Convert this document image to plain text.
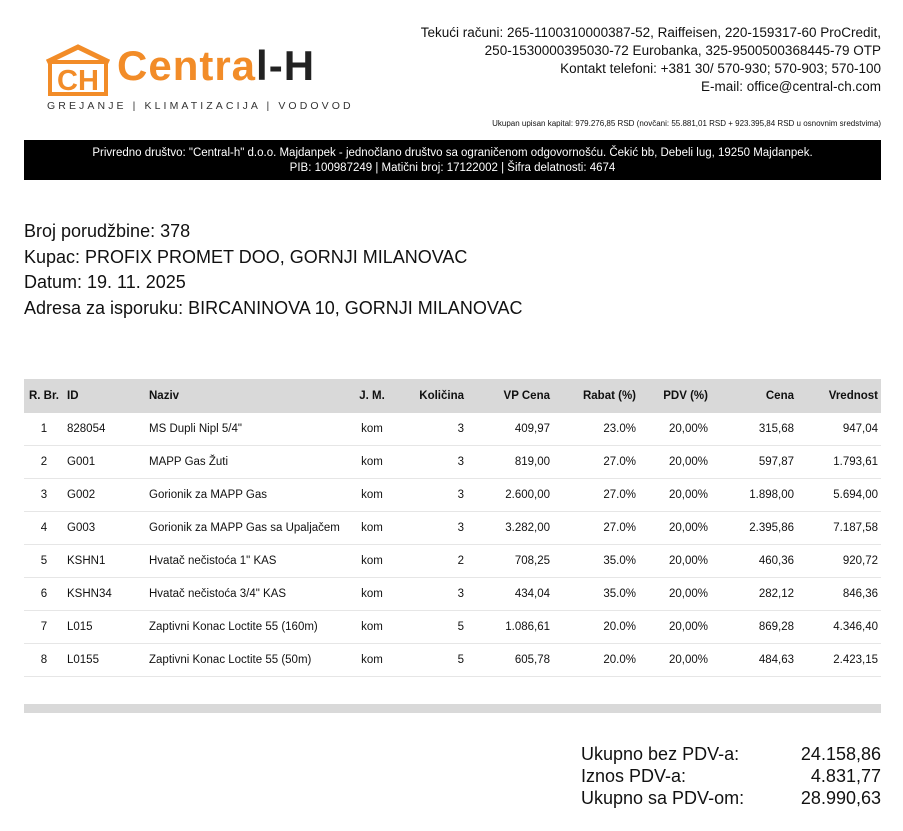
CH Central-H
GREJANJE | KLIMATIZACIJA | VODOVOD
Tekući računi: 265-1100310000387-52, Raiffeisen, 220-159317-60 ProCredit,
250-1530000395030-72 Eurobanka, 325-9500500368445-79 OTP
Kontakt telefoni: +381 30/ 570-930; 570-903; 570-100
E-mail: office@central-ch.com
Ukupan upisan kapital: 979.276,85 RSD (novčani: 55.881,01 RSD + 923.395,84 RSD u osnovnim sredstvima)
Privredno društvo: "Central-h" d.o.o. Majdanpek - jednočlano društvo sa ograničenom odgovornošću. Čekić bb, Debeli lug, 19250 Majdanpek.
PIB: 100987249 | Matični broj: 17122002 | Šifra delatnosti: 4674
Broj porudžbine: 378
Kupac: PROFIX PROMET DOO, GORNJI MILANOVAC
Datum: 19. 11. 2025
Adresa za isporuku: BIRCANINOVA 10, GORNJI MILANOVAC
R. Br.	ID	Naziv	J. M.	Količina	VP Cena	Rabat (%)	PDV (%)	Cena	Vrednost
1	828054	MS Dupli Nipl 5/4"	kom	3	409,97	23.0%	20,00%	315,68	947,04
2	G001	MAPP Gas Žuti	kom	3	819,00	27.0%	20,00%	597,87	1.793,61
3	G002	Gorionik za MAPP Gas	kom	3	2.600,00	27.0%	20,00%	1.898,00	5.694,00
4	G003	Gorionik za MAPP Gas sa Upaljačem	kom	3	3.282,00	27.0%	20,00%	2.395,86	7.187,58
5	KSHN1	Hvatač nečistoća 1" KAS	kom	2	708,25	35.0%	20,00%	460,36	920,72
6	KSHN34	Hvatač nečistoća 3/4" KAS	kom	3	434,04	35.0%	20,00%	282,12	846,36
7	L015	Zaptivni Konac Loctite 55 (160m)	kom	5	1.086,61	20.0%	20,00%	869,28	4.346,40
8	L0155	Zaptivni Konac Loctite 55 (50m)	kom	5	605,78	20.0%	20,00%	484,63	2.423,15
Ukupno bez PDV-a:	24.158,86
Iznos PDV-a:	4.831,77
Ukupno sa PDV-om:	28.990,63
